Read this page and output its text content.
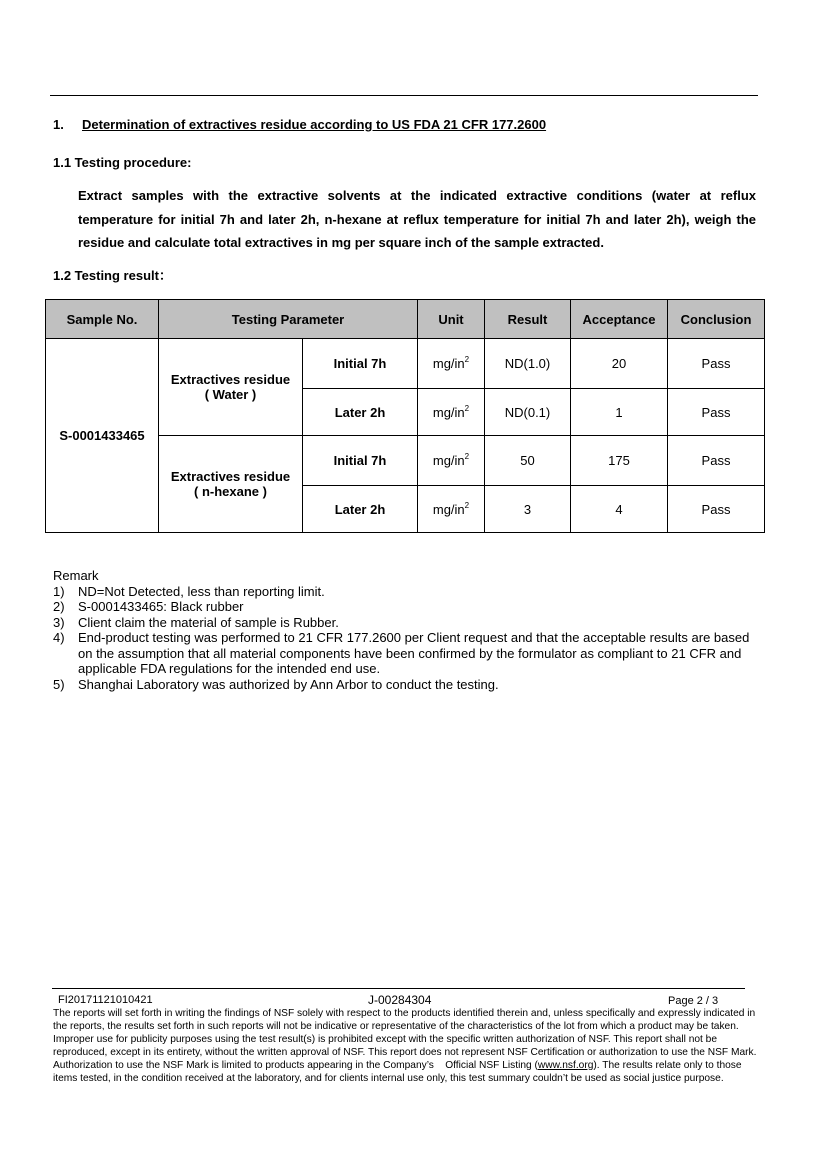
1. Determination of extractives residue according to US FDA 21 CFR 177.2600
1.1 Testing procedure:
Extract samples with the extractive solvents at the indicated extractive conditions (water at reflux temperature for initial 7h and later 2h, n-hexane at reflux temperature for initial 7h and later 2h), weigh the residue and calculate total extractives in mg per square inch of the sample extracted.
1.2 Testing result：
Sample No.	Testing Parameter		Unit	Result	Acceptance	Conclusion
S-0001433465	Extractives residue
( Water )	Initial 7h	$mg/in^2$	ND(1.0)	20	Pass
		Later 2h	$mg/in^2$	ND(0.1)	1	Pass
	Extractives residue
( n-hexane )	Initial 7h	$mg/in^2$	50	175	Pass
		Later 2h	$mg/in^2$	3	4	Pass
Remark
1)	ND=Not Detected, less than reporting limit.
2)	S-0001433465: Black rubber
3)	Client claim the material of sample is Rubber.
4)	End-product testing was performed to 21 CFR 177.2600 per Client request and that the acceptable results are based on the assumption that all material components have been confirmed by the formulator as compliant to 21 CFR and applicable FDA regulations for the intended end use.
5)	Shanghai Laboratory was authorized by Ann Arbor to conduct the testing.
FI20171121010421	J-00284304	Page 2 / 3
The reports will set forth in writing the findings of NSF solely with respect to the products identified therein and, unless specifically and expressly indicated in the reports, the results set forth in such reports will not be indicative or representative of the characteristics of the lot from which a product may be taken. Improper use for publicity purposes using the test result(s) is prohibited except with the specific written authorization of NSF. This report shall not be reproduced, except in its entirety, without the written approval of NSF. This report does not represent NSF Certification or authorization to use the NSF Mark. Authorization to use the NSF Mark is limited to products appearing in the Company’s    Official NSF Listing (www.nsf.org). The results relate only to those items tested, in the condition received at the laboratory, and for clients internal use only, this test summary couldn’t be used as social justice purpose.
